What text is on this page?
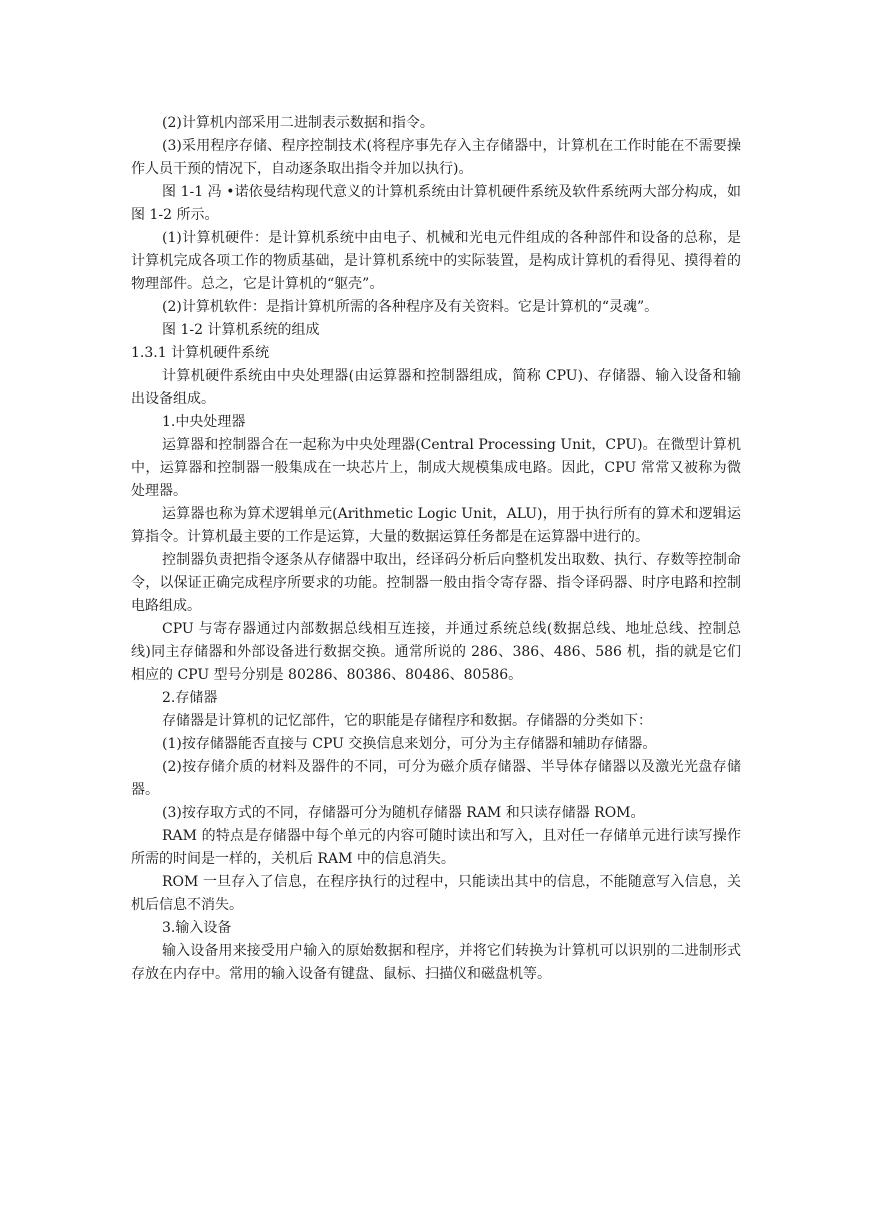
(2)计算机内部采用二进制表示数据和指令。

(3)采用程序存储、程序控制技术(将程序事先存入主存储器中，计算机在工作时能在不需要操作人员干预的情况下，自动逐条取出指令并加以执行)。

图 1-1 冯 •诺依曼结构现代意义的计算机系统由计算机硬件系统及软件系统两大部分构成，如图 1-2 所示。

(1)计算机硬件：是计算机系统中由电子、机械和光电元件组成的各种部件和设备的总称，是计算机完成各项工作的物质基础，是计算机系统中的实际装置，是构成计算机的看得见、摸得着的物理部件。总之，它是计算机的“躯壳”。

(2)计算机软件：是指计算机所需的各种程序及有关资料。它是计算机的“灵魂”。

图 1-2 计算机系统的组成

1.3.1 计算机硬件系统

计算机硬件系统由中央处理器(由运算器和控制器组成，简称 CPU)、存储器、输入设备和输出设备组成。

1.中央处理器

运算器和控制器合在一起称为中央处理器(Central Processing Unit，CPU)。在微型计算机中，运算器和控制器一般集成在一块芯片上，制成大规模集成电路。因此，CPU 常常又被称为微处理器。

运算器也称为算术逻辑单元(Arithmetic Logic Unit，ALU)，用于执行所有的算术和逻辑运算指令。计算机最主要的工作是运算，大量的数据运算任务都是在运算器中进行的。

控制器负责把指令逐条从存储器中取出，经译码分析后向整机发出取数、执行、存数等控制命令，以保证正确完成程序所要求的功能。控制器一般由指令寄存器、指令译码器、时序电路和控制电路组成。

CPU 与寄存器通过内部数据总线相互连接，并通过系统总线(数据总线、地址总线、控制总线)同主存储器和外部设备进行数据交换。通常所说的 286、386、486、586 机，指的就是它们相应的 CPU 型号分别是 80286、80386、80486、80586。

2.存储器

存储器是计算机的记忆部件，它的职能是存储程序和数据。存储器的分类如下：

(1)按存储器能否直接与 CPU 交换信息来划分，可分为主存储器和辅助存储器。

(2)按存储介质的材料及器件的不同，可分为磁介质存储器、半导体存储器以及激光光盘存储器。

(3)按存取方式的不同，存储器可分为随机存储器 RAM 和只读存储器 ROM。

RAM 的特点是存储器中每个单元的内容可随时读出和写入，且对任一存储单元进行读写操作所需的时间是一样的，关机后 RAM 中的信息消失。

ROM 一旦存入了信息，在程序执行的过程中，只能读出其中的信息，不能随意写入信息，关机后信息不消失。

3.输入设备

输入设备用来接受用户输入的原始数据和程序，并将它们转换为计算机可以识别的二进制形式存放在内存中。常用的输入设备有键盘、鼠标、扫描仪和磁盘机等。
